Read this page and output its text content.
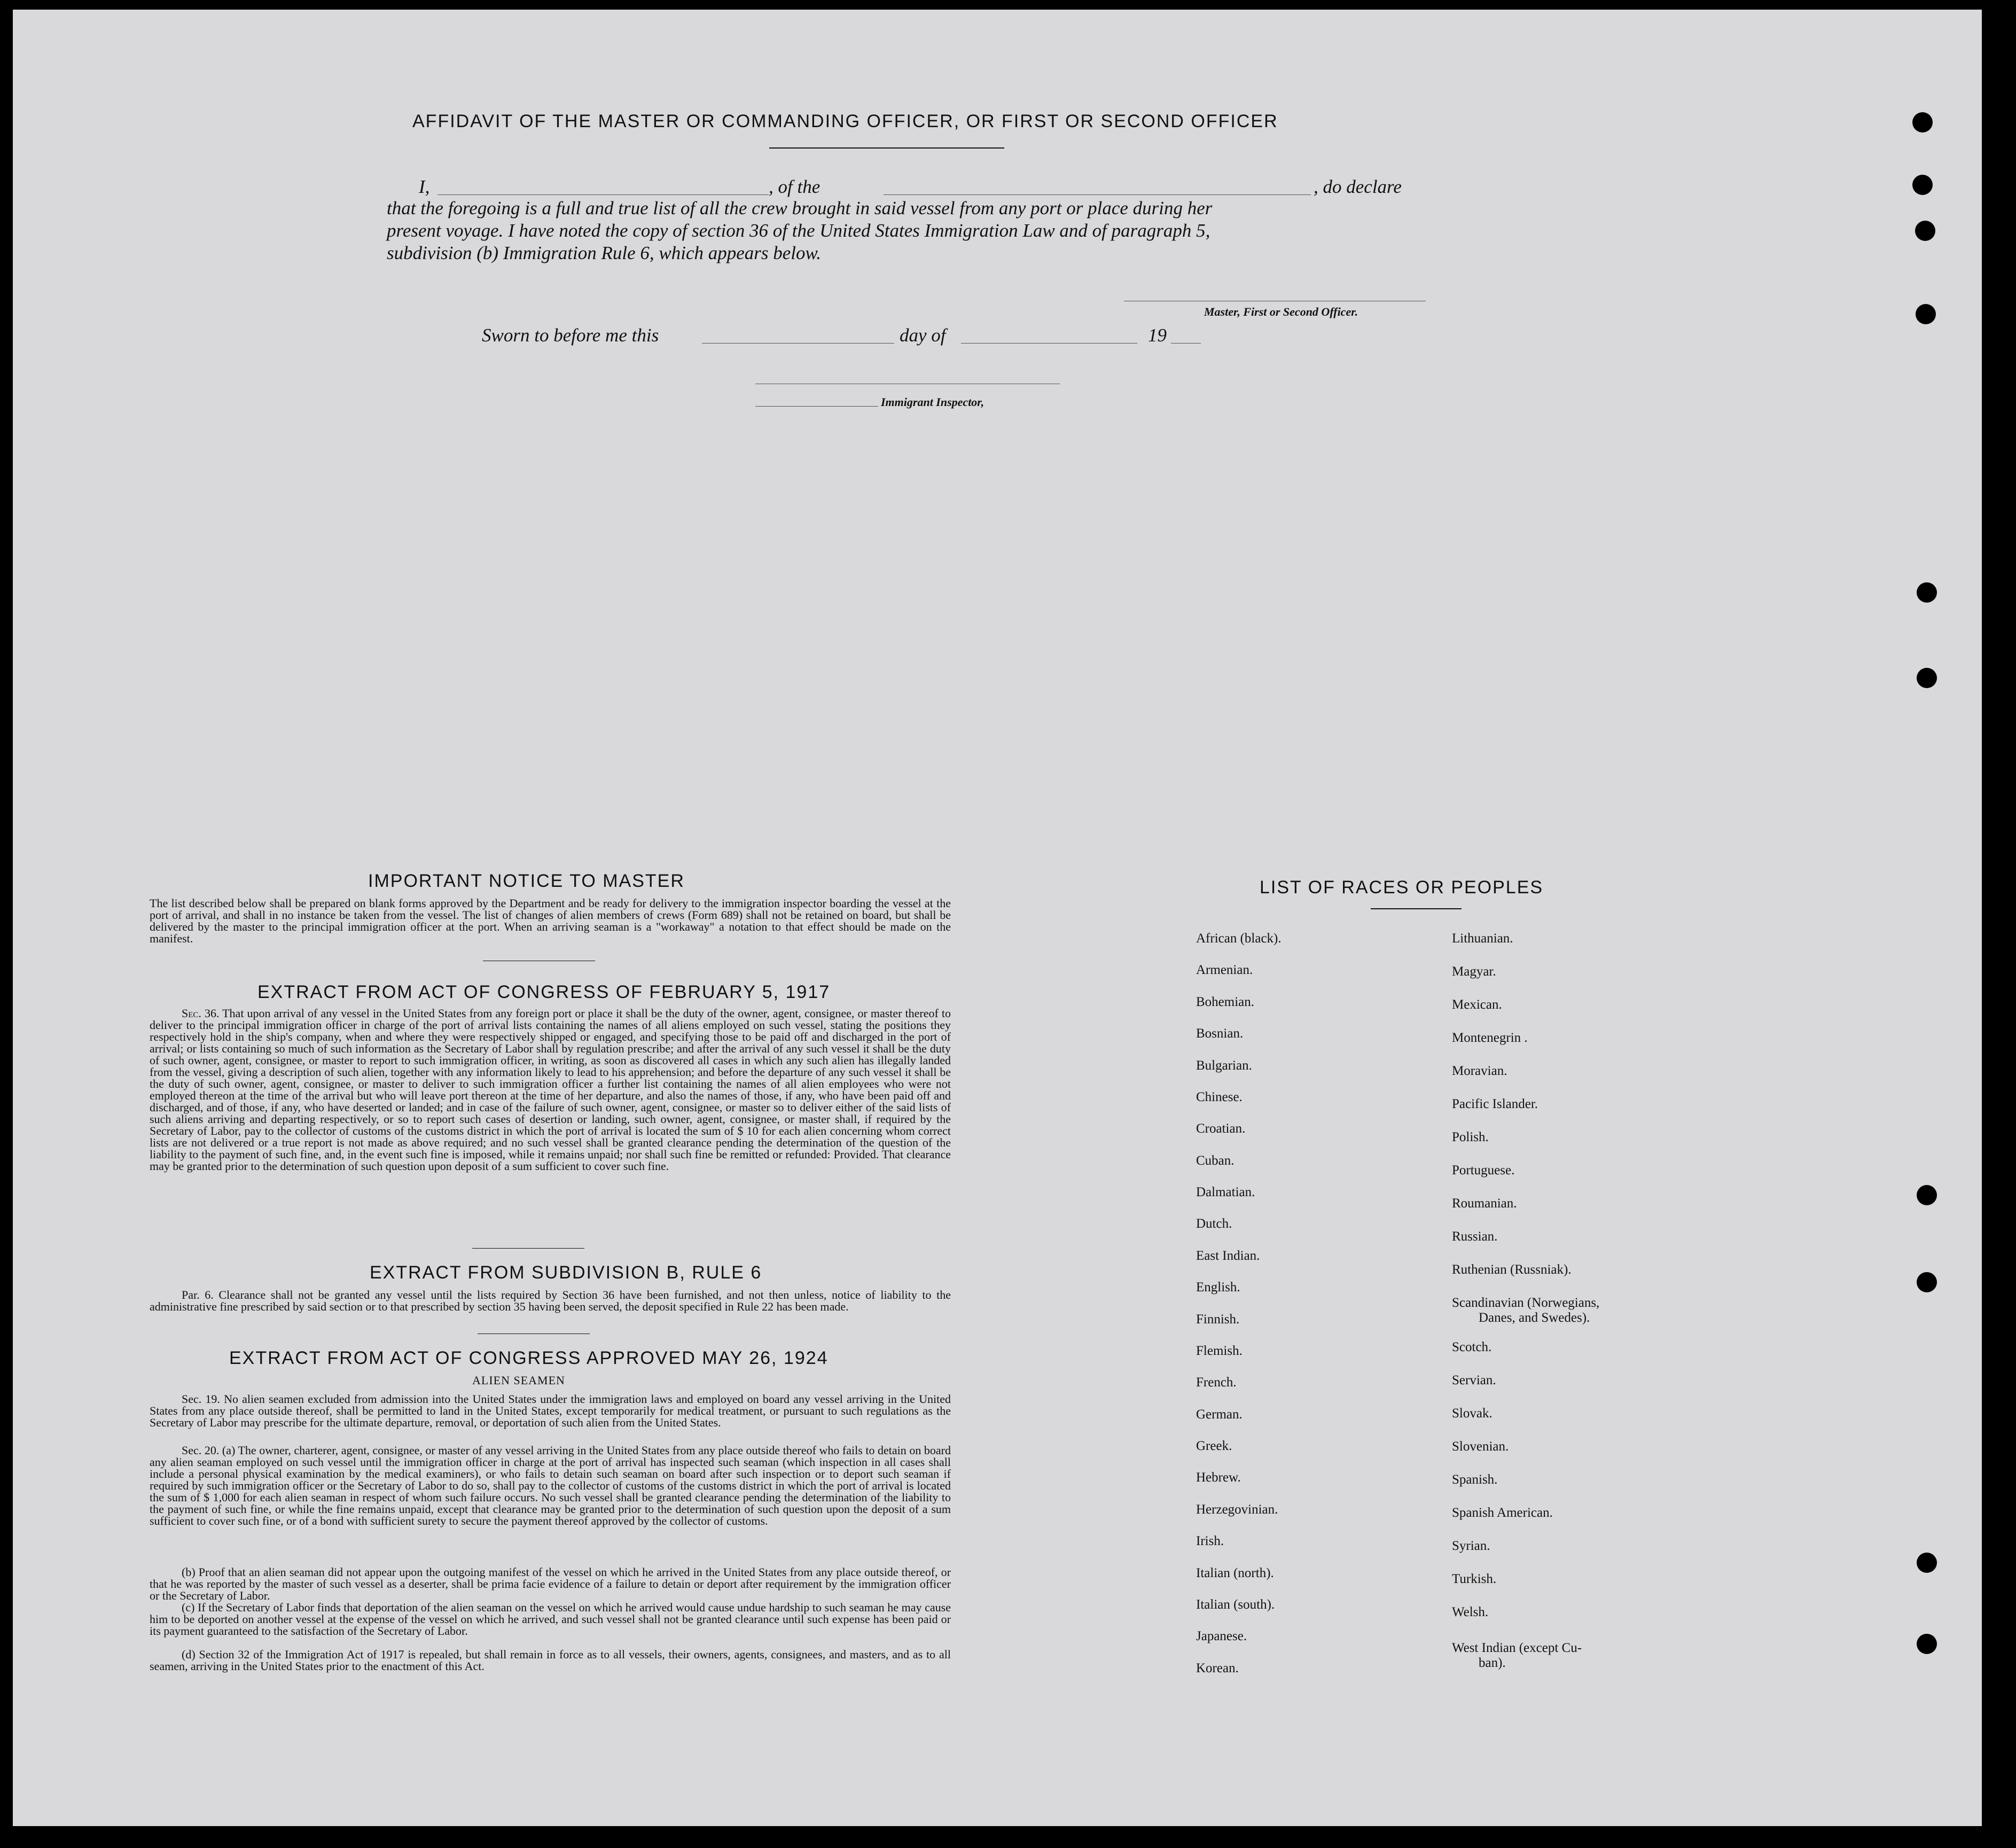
AFFIDAVIT OF THE MASTER OR COMMANDING OFFICER, OR FIRST OR SECOND OFFICER
I,	, of the	, do declare
that the foregoing is a full and true list of all the crew brought in said vessel from any port or place during her
present voyage. I have noted the copy of section 36 of the United States Immigration Law and of paragraph 5,
subdivision (b) Immigration Rule 6, which appears below.
Master, First or Second Officer.
Sworn to before me this	day of	19
Immigrant Inspector,
IMPORTANT NOTICE TO MASTER

The list described below shall be prepared on blank forms approved by the Department and be ready for delivery to the immigration inspector boarding the vessel at the port of arrival, and shall in no instance be taken from the vessel. The list of changes of alien members of crews (Form 689) shall not be retained on board, but shall be delivered by the master to the principal immigration officer at the port. When an arriving seaman is a "workaway" a notation to that effect should be made on the manifest.

EXTRACT FROM ACT OF CONGRESS OF FEBRUARY 5, 1917
Sec. 36. That upon arrival of any vessel in the United States from any foreign port or place it shall be the duty of the owner, agent, consignee, or master thereof to deliver to the principal immigration officer in charge of the port of arrival lists containing the names of all aliens employed on such vessel, stating the positions they respectively hold in the ship's company, when and where they were respectively shipped or engaged, and specifying those to be paid off and discharged in the port of arrival; or lists containing so much of such information as the Secretary of Labor shall by regulation prescribe; and after the arrival of any such vessel it shall be the duty of such owner, agent, consignee, or master to report to such immigration officer, in writing, as soon as discovered all cases in which any such alien has illegally landed from the vessel, giving a description of such alien, together with any information likely to lead to his apprehension; and before the departure of any such vessel it shall be the duty of such owner, agent, consignee, or master to deliver to such immigration officer a further list containing the names of all alien employees who were not employed thereon at the time of the arrival but who will leave port thereon at the time of her departure, and also the names of those, if any, who have been paid off and discharged, and of those, if any, who have deserted or landed; and in case of the failure of such owner, agent, consignee, or master so to deliver either of the said lists of such aliens arriving and departing respectively, or so to report such cases of desertion or landing, such owner, agent, consignee, or master shall, if required by the Secretary of Labor, pay to the collector of customs of the customs district in which the port of arrival is located the sum of $ 10 for each alien concerning whom correct lists are not delivered or a true report is not made as above required; and no such vessel shall be granted clearance pending the determination of the question of the liability to the payment of such fine, and, in the event such fine is imposed, while it remains unpaid; nor shall such fine be remitted or refunded: Provided. That clearance may be granted prior to the determination of such question upon deposit of a sum sufficient to cover such fine.
EXTRACT FROM SUBDIVISION B, RULE 6

Par. 6. Clearance shall not be granted any vessel until the lists required by Section 36 have been furnished, and not then unless, notice of liability to the administrative fine prescribed by said section or to that prescribed by section 35 having been served, the deposit specified in Rule 22 has been made.

EXTRACT FROM ACT OF CONGRESS APPROVED MAY 26, 1924
ALIEN SEAMEN

Sec. 19. No alien seamen excluded from admission into the United States under the immigration laws and employed on board any vessel arriving in the United States from any place outside thereof, shall be permitted to land in the United States, except temporarily for medical treatment, or pursuant to such regulations as the Secretary of Labor may prescribe for the ultimate departure, removal, or deportation of such alien from the United States.

Sec. 20. (a) The owner, charterer, agent, consignee, or master of any vessel arriving in the United States from any place outside thereof who fails to detain on board any alien seaman employed on such vessel until the immigration officer in charge at the port of arrival has inspected such seaman (which inspection in all cases shall include a personal physical examination by the medical examiners), or who fails to detain such seaman on board after such inspection or to deport such seaman if required by such immigration officer or the Secretary of Labor to do so, shall pay to the collector of customs of the customs district in which the port of arrival is located the sum of $ 1,000 for each alien seaman in respect of whom such failure occurs. No such vessel shall be granted clearance pending the determination of the liability to the payment of such fine, or while the fine remains unpaid, except that clearance may be granted prior to the determination of such question upon the deposit of a sum sufficient to cover such fine, or of a bond with sufficient surety to secure the payment thereof approved by the collector of customs.

(b) Proof that an alien seaman did not appear upon the outgoing manifest of the vessel on which he arrived in the United States from any place outside thereof, or that he was reported by the master of such vessel as a deserter, shall be prima facie evidence of a failure to detain or deport after requirement by the immigration officer or the Secretary of Labor.

(c) If the Secretary of Labor finds that deportation of the alien seaman on the vessel on which he arrived would cause undue hardship to such seaman he may cause him to be deported on another vessel at the expense of the vessel on which he arrived, and such vessel shall not be granted clearance until such expense has been paid or its payment guaranteed to the satisfaction of the Secretary of Labor.

(d) Section 32 of the Immigration Act of 1917 is repealed, but shall remain in force as to all vessels, their owners, agents, consignees, and masters, and as to all seamen, arriving in the United States prior to the enactment of this Act.

LIST OF RACES OR PEOPLES
African (black).
Armenian.
Bohemian.
Bosnian.
Bulgarian.
Chinese.
Croatian.
Cuban.
Dalmatian.
Dutch.
East Indian.
English.
Finnish.
Flemish.
French.
German.
Greek.
Hebrew.
Herzegovinian.
Irish.
Italian (north).
Italian (south).
Japanese.
Korean.
Lithuanian.
Magyar.
Mexican.
Montenegrin .
Moravian.
Pacific Islander.
Polish.
Portuguese.
Roumanian.
Russian.
Ruthenian (Russniak).
Scandinavian (Norwegians,
Danes, and Swedes).
Scotch.
Servian.
Slovak.
Slovenian.
Spanish.
Spanish American.
Syrian.
Turkish.
Welsh.
West Indian (except Cu-
ban).
